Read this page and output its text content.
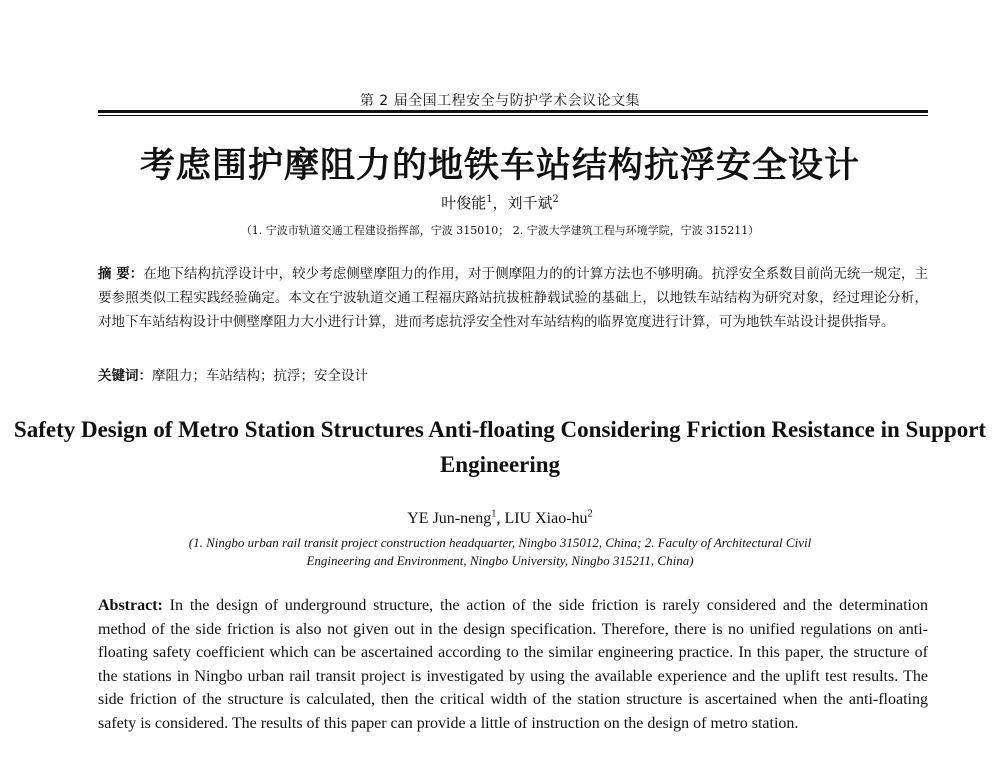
第 2 届全国工程安全与防护学术会议论文集
考虑围护摩阻力的地铁车站结构抗浮安全设计
叶俊能$^1$，刘千斌$^2$
（1. 宁波市轨道交通工程建设指挥部，宁波 315010； 2. 宁波大学建筑工程与环境学院，宁波 315211）
摘 要：在地下结构抗浮设计中，较少考虑侧壁摩阻力的作用，对于侧摩阻力的的计算方法也不够明确。抗浮安全系数目前尚无统一规定，主要参照类似工程实践经验确定。本文在宁波轨道交通工程福庆路站抗拔桩静载试验的基础上，以地铁车站结构为研究对象，经过理论分析，对地下车站结构设计中侧壁摩阻力大小进行计算，进而考虑抗浮安全性对车站结构的临界宽度进行计算，可为地铁车站设计提供指导。
关键词：摩阻力；车站结构；抗浮；安全设计
Safety Design of Metro Station Structures Anti-floating Considering Friction Resistance in Support Engineering
YE Jun-neng$^1$, LIU Xiao-$hu^2$
(1. Ningbo urban rail transit project construction headquarter, Ningbo 315012, China; 2. Faculty of Architectural Civil
Engineering and Environment, Ningbo University, Ningbo 315211, China)
Abstract: In the design of underground structure, the action of the side friction is rarely considered and the determination method of the side friction is also not given out in the design specification. Therefore, there is no unified regulations on anti-floating safety coefficient which can be ascertained according to the similar engineering practice. In this paper, the structure of the stations in Ningbo urban rail transit project is investigated by using the available experience and the uplift test results. The side friction of the structure is calculated, then the critical width of the station structure is ascertained when the anti-floating safety is considered. The results of this paper can provide a little of instruction on the design of metro station.
